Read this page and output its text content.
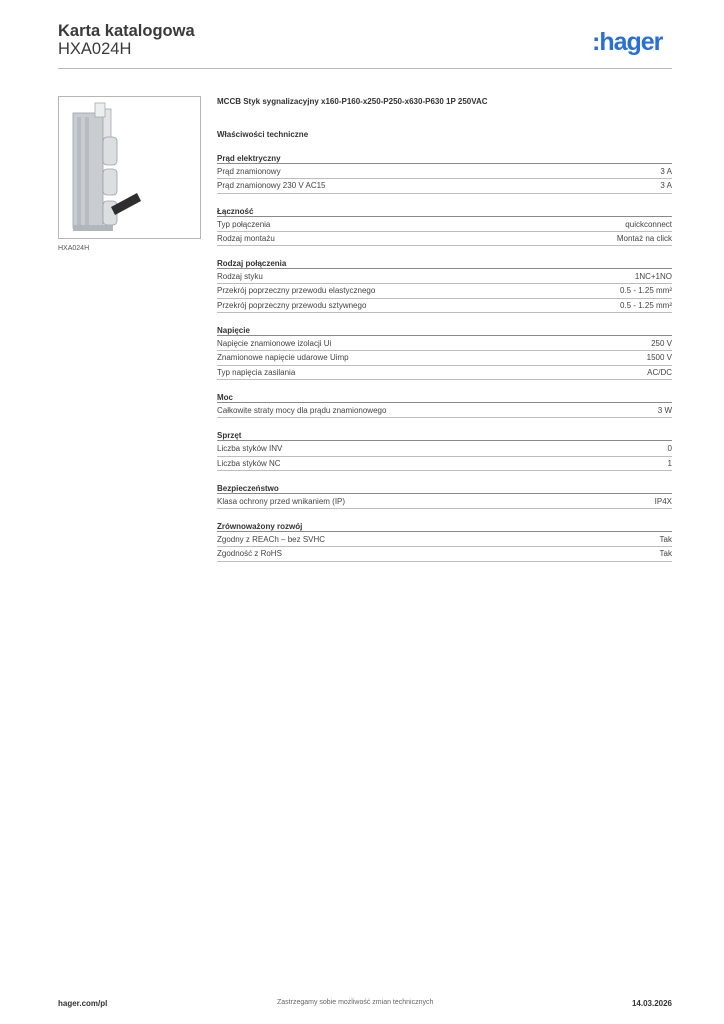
Karta katalogowa
HXA024H	:hager
HXA024H
MCCB Styk sygnalizacyjny x160-P160-x250-P250-x630-P630 1P 250VAC
Właściwości techniczne
Prąd elektryczny
Prąd znamionowy	3 A
Prąd znamionowy 230 V AC15	3 A
Łączność
Typ połączenia	quickconnect
Rodzaj montażu	Montaż na click
Rodzaj połączenia
Rodzaj styku	1NC+1NO
Przekrój poprzeczny przewodu elastycznego	0.5 - 1.25 mm²
Przekrój poprzeczny przewodu sztywnego	0.5 - 1.25 mm²
Napięcie
Napięcie znamionowe izolacji Ui	250 V
Znamionowe napięcie udarowe Uimp	1500 V
Typ napięcia zasilania	AC/DC
Moc
Całkowite straty mocy dla prądu znamionowego	3 W
Sprzęt
Liczba styków INV	0
Liczba styków NC	1
Bezpieczeństwo
Klasa ochrony przed wnikaniem (IP)	IP4X
Zrównoważony rozwój
Zgodny z REACh – bez SVHC	Tak
Zgodność z RoHS	Tak
hager.com/pl	Zastrzegamy sobie możliwość zmian technicznych	14.03.2026
